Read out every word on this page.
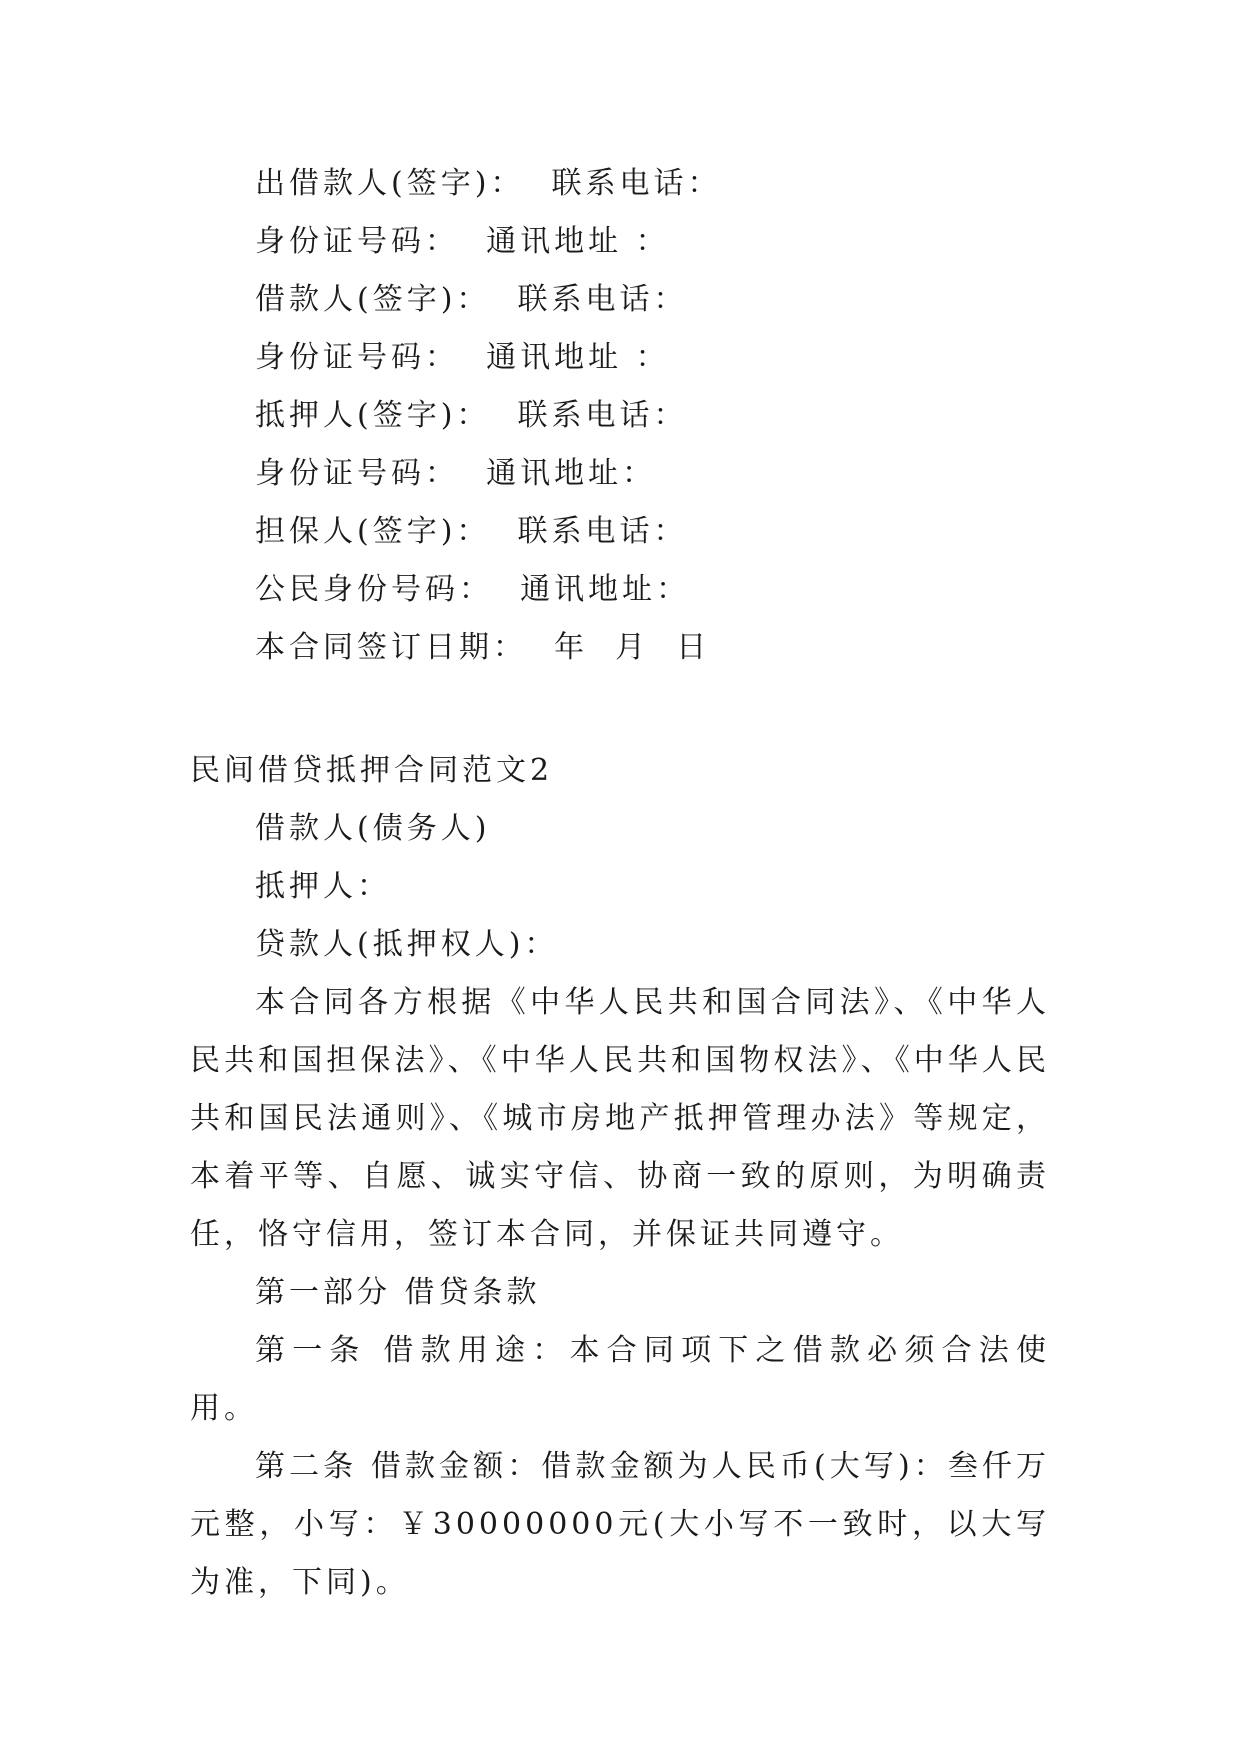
出借款人(签字)：  联系电话：
身份证号码：  通讯地址 ：
借款人(签字)：  联系电话：
身份证号码：  通讯地址 ：
抵押人(签字)：  联系电话：
身份证号码：  通讯地址：
担保人(签字)：  联系电话：
公民身份号码：  通讯地址：
本合同签订日期：  年  月  日
民间借贷抵押合同范文2

借款人(债务人)

抵押人：

贷款人(抵押权人)：

本合同各方根据《中华人民共和国合同法》、《中华人民共和国担保法》、《中华人民共和国物权法》、《中华人民共和国民法通则》、《城市房地产抵押管理办法》等规定，本着平等、自愿、诚实守信、协商一致的原则，为明确责任，恪守信用，签订本合同，并保证共同遵守。

第一部分 借贷条款

第一条 借款用途：本合同项下之借款必须合法使用。

第二条 借款金额：借款金额为人民币(大写)：叁仟万元整，小写：￥30000000元(大小写不一致时，以大写为准，下同)。
